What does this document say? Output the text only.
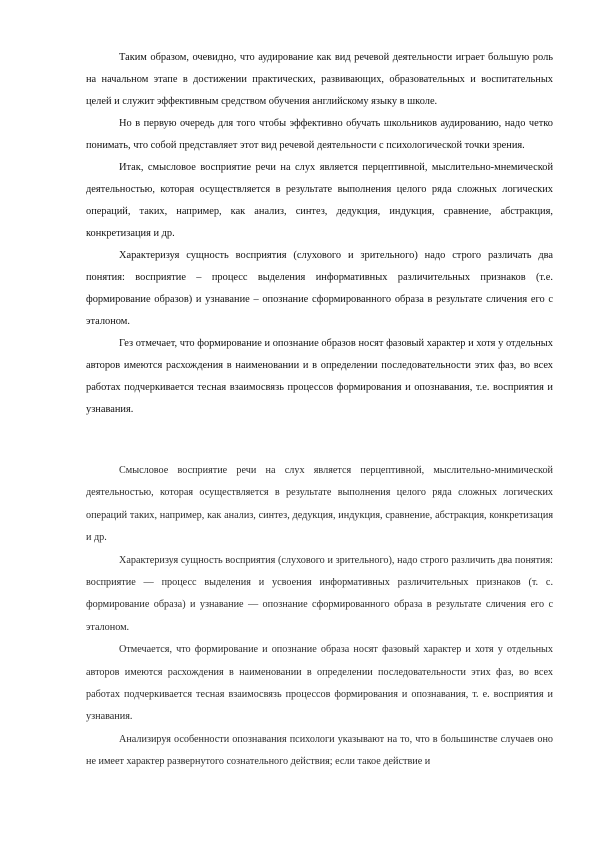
Таким образом, очевидно, что аудирование как вид речевой деятельности играет большую роль на начальном этапе в достижении практических, развивающих, образовательных и воспитательных целей и служит эффективным средством обучения английскому языку в школе.

Но в первую очередь для того чтобы эффективно обучать школьников аудированию, надо четко понимать, что собой представляет этот вид речевой деятельности с психологической точки зрения.

Итак, смысловое восприятие речи на слух является перцептивной, мыслительно-мнемической деятельностью, которая осуществляется в результате выполнения целого ряда сложных логических операций, таких, например, как анализ, синтез, дедукция, индукция, сравнение, абстракция, конкретизация и др.

Характеризуя сущность восприятия (слухового и зрительного) надо строго различать два понятия: восприятие – процесс выделения информативных различительных признаков (т.е. формирование образов) и узнавание – опознание сформированного образа в результате сличения его с эталоном.

Гез отмечает, что формирование и опознание образов носят фазовый характер и хотя у отдельных авторов имеются расхождения в наименовании и в определении последовательности этих фаз, во всех работах подчеркивается тесная взаимосвязь процессов формирования и опознавания, т.е. восприятия и узнавания.

Смысловое восприятие речи на слух является перцептивной, мыслительно-мнимической деятельностью, которая осуществляется в результате выполнения целого ряда сложных логических операций таких, например, как анализ, синтез, дедукция, индукция, сравнение, абстракция, конкретизация и др.

Характеризуя сущность восприятия (слухового и зрительного), надо строго различить два понятия: восприятие — процесс выделения и усвоения информативных различительных признаков (т. с. формирование образа) и узнавание — опознание сформированного образа в результате сличения его с эталоном.

Отмечается, что формирование и опознание образа носят фазовый характер и хотя у отдельных авторов имеются расхождения в наименовании в определении последовательности этих фаз, во всех работах подчеркивается тесная взаимосвязь процессов формирования и опознавания, т. е. восприятия и узнавания.

Анализируя особенности опознавания психологи указывают на то, что в большинстве случаев оно не имеет характер развернутого сознательного действия; если такое действие и
